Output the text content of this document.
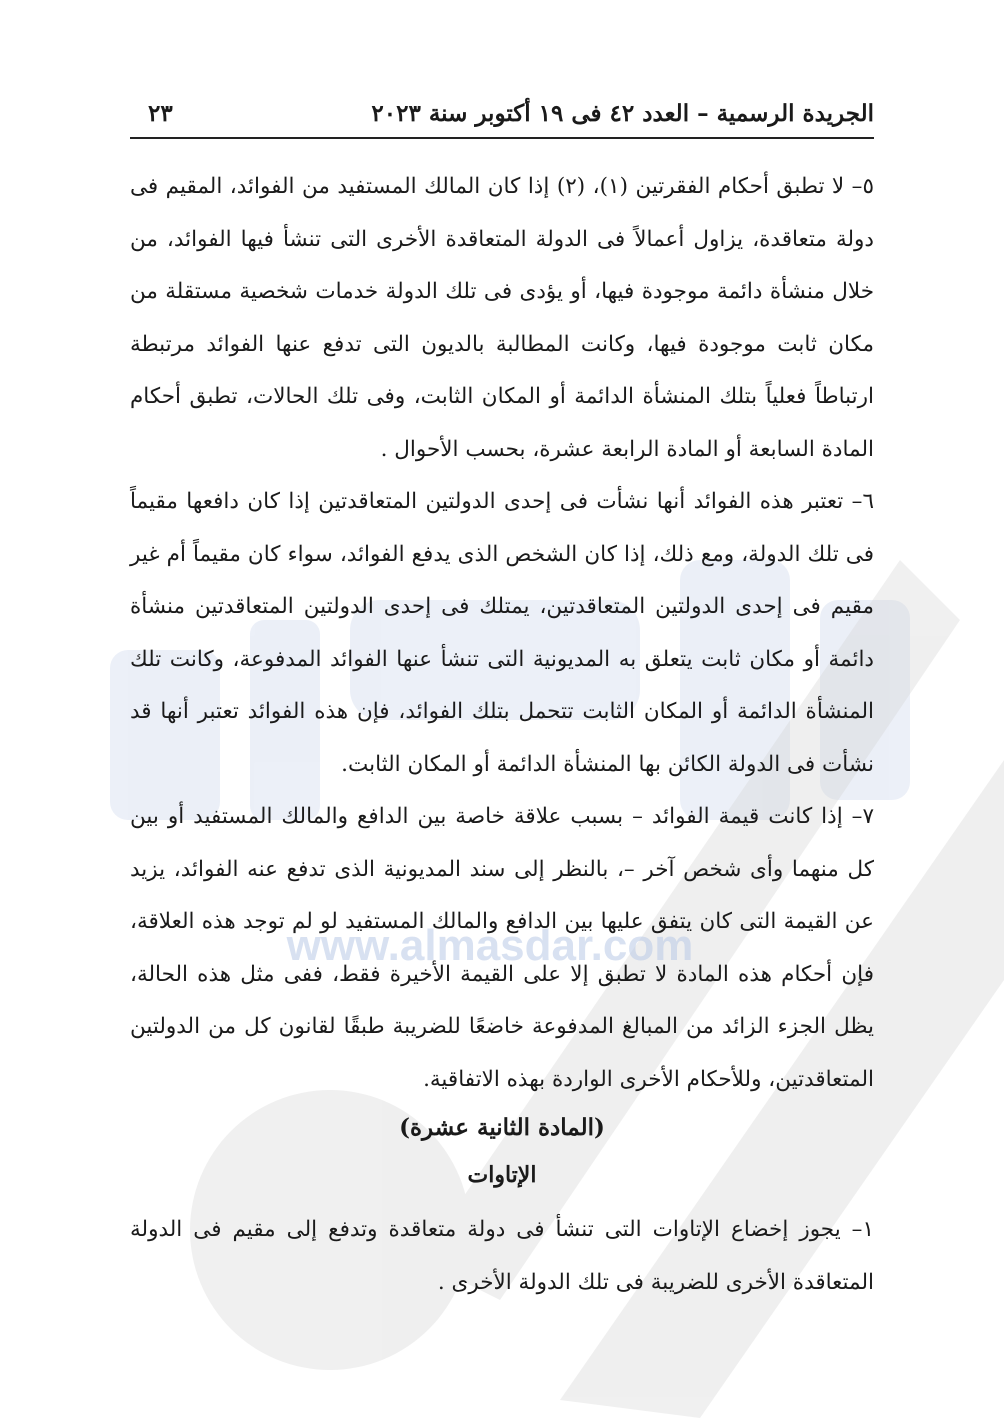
www.almasdar.com
الجريدة الرسمية – العدد ٤٢ فى ١٩ أكتوبر سنة ٢٠٢٣
٢٣

٥– لا تطبق أحكام الفقرتين (١)، (٢) إذا كان المالك المستفيد من الفوائد، المقيم فى دولة متعاقدة، يزاول أعمالاً فى الدولة المتعاقدة الأخرى التى تنشأ فيها الفوائد، من خلال منشأة دائمة موجودة فيها، أو يؤدى فى تلك الدولة خدمات شخصية مستقلة من مكان ثابت موجودة فيها، وكانت المطالبة بالديون التى تدفع عنها الفوائد مرتبطة ارتباطاً فعلياً بتلك المنشأة الدائمة أو المكان الثابت، وفى تلك الحالات، تطبق أحكام المادة السابعة أو المادة الرابعة عشرة، بحسب الأحوال .

٦– تعتبر هذه الفوائد أنها نشأت فى إحدى الدولتين المتعاقدتين إذا كان دافعها مقيماً فى تلك الدولة، ومع ذلك، إذا كان الشخص الذى يدفع الفوائد، سواء كان مقيماً أم غير مقيم فى إحدى الدولتين المتعاقدتين، يمتلك فى إحدى الدولتين المتعاقدتين منشأة دائمة أو مكان ثابت يتعلق به المديونية التى تنشأ عنها الفوائد المدفوعة، وكانت تلك المنشأة الدائمة أو المكان الثابت تتحمل بتلك الفوائد، فإن هذه الفوائد تعتبر أنها قد نشأت فى الدولة الكائن بها المنشأة الدائمة أو المكان الثابت.

٧– إذا كانت قيمة الفوائد – بسبب علاقة خاصة بين الدافع والمالك المستفيد أو بين كل منهما وأى شخص آخر –، بالنظر إلى سند المديونية الذى تدفع عنه الفوائد، يزيد عن القيمة التى كان يتفق عليها بين الدافع والمالك المستفيد لو لم توجد هذه العلاقة، فإن أحكام هذه المادة لا تطبق إلا على القيمة الأخيرة فقط، ففى مثل هذه الحالة، يظل الجزء الزائد من المبالغ المدفوعة خاضعًا للضريبة طبقًا لقانون كل من الدولتين المتعاقدتين، وللأحكام الأخرى الواردة بهذه الاتفاقية.

(المادة الثانية عشرة)

الإتاوات

١– يجوز إخضاع الإتاوات التى تنشأ فى دولة متعاقدة وتدفع إلى مقيم فى الدولة المتعاقدة الأخرى للضريبة فى تلك الدولة الأخرى .
